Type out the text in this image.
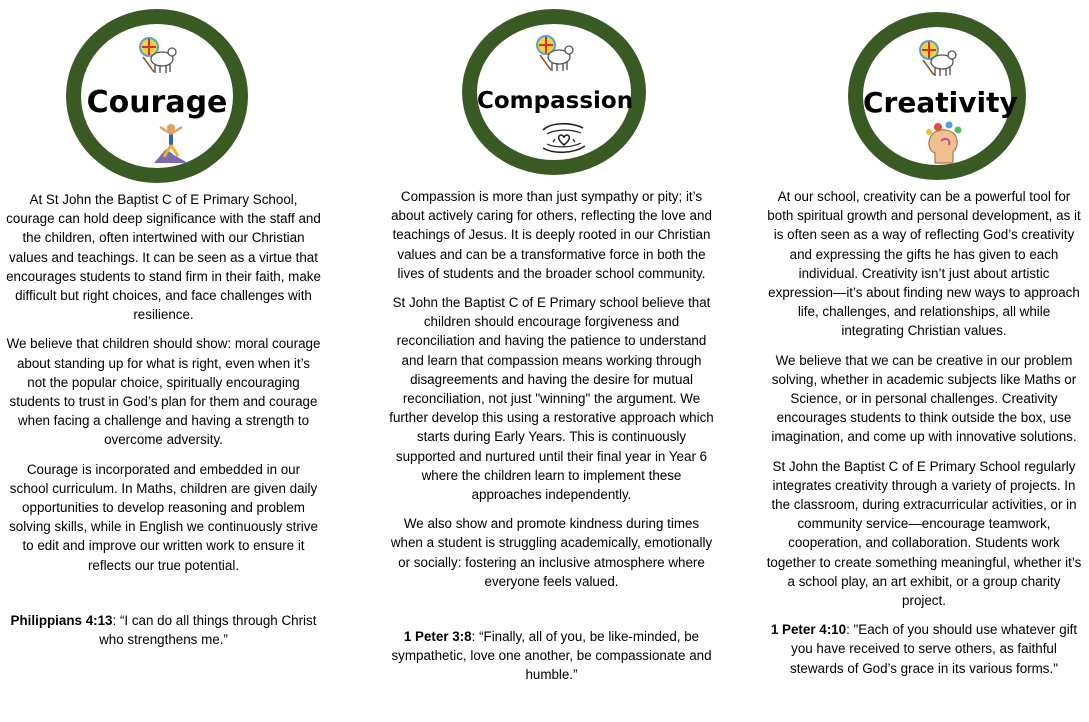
Courage

At St John the Baptist C of E Primary School, courage can hold deep significance with the staff and the children, often intertwined with our Christian values and teachings. It can be seen as a virtue that encourages students to stand firm in their faith, make difficult but right choices, and face challenges with resilience.

We believe that children should show: moral courage about standing up for what is right, even when it’s not the popular choice, spiritually encouraging students to trust in God’s plan for them and courage when facing a challenge and having a strength to overcome adversity.

Courage is incorporated and embedded in our school curriculum. In Maths, children are given daily opportunities to develop reasoning and problem solving skills, while in English we continuously strive to edit and improve our written work to ensure it reflects our true potential.

Philippians 4:13: “I can do all things through Christ who strengthens me.”

Compassion

Compassion is more than just sympathy or pity; it’s about actively caring for others, reflecting the love and teachings of Jesus. It is deeply rooted in our Christian values and can be a transformative force in both the lives of students and the broader school community.

St John the Baptist C of E Primary school believe that children should encourage forgiveness and reconciliation and having the patience to understand and learn that compassion means working through disagreements and having the desire for mutual reconciliation, not just "winning" the argument. We further develop this using a restorative approach which starts during Early Years. This is continuously supported and nurtured until their final year in Year 6 where the children learn to implement these approaches independently.

We also show and promote kindness during times when a student is struggling academically, emotionally or socially: fostering an inclusive atmosphere where everyone feels valued.

1 Peter 3:8: “Finally, all of you, be like-minded, be sympathetic, love one another, be compassionate and humble.”

Creativity

At our school, creativity can be a powerful tool for both spiritual growth and personal development, as it is often seen as a way of reflecting God’s creativity and expressing the gifts he has given to each individual. Creativity isn’t just about artistic expression—it’s about finding new ways to approach life, challenges, and relationships, all while integrating Christian values.

We believe that we can be creative in our problem solving, whether in academic subjects like Maths or Science, or in personal challenges. Creativity encourages students to think outside the box, use imagination, and come up with innovative solutions.

St John the Baptist C of E Primary School regularly integrates creativity through a variety of projects. In the classroom, during extracurricular activities, or in community service—encourage teamwork, cooperation, and collaboration. Students work together to create something meaningful, whether it’s a school play, an art exhibit, or a group charity project.

1 Peter 4:10: "Each of you should use whatever gift you have received to serve others, as faithful stewards of God’s grace in its various forms."
